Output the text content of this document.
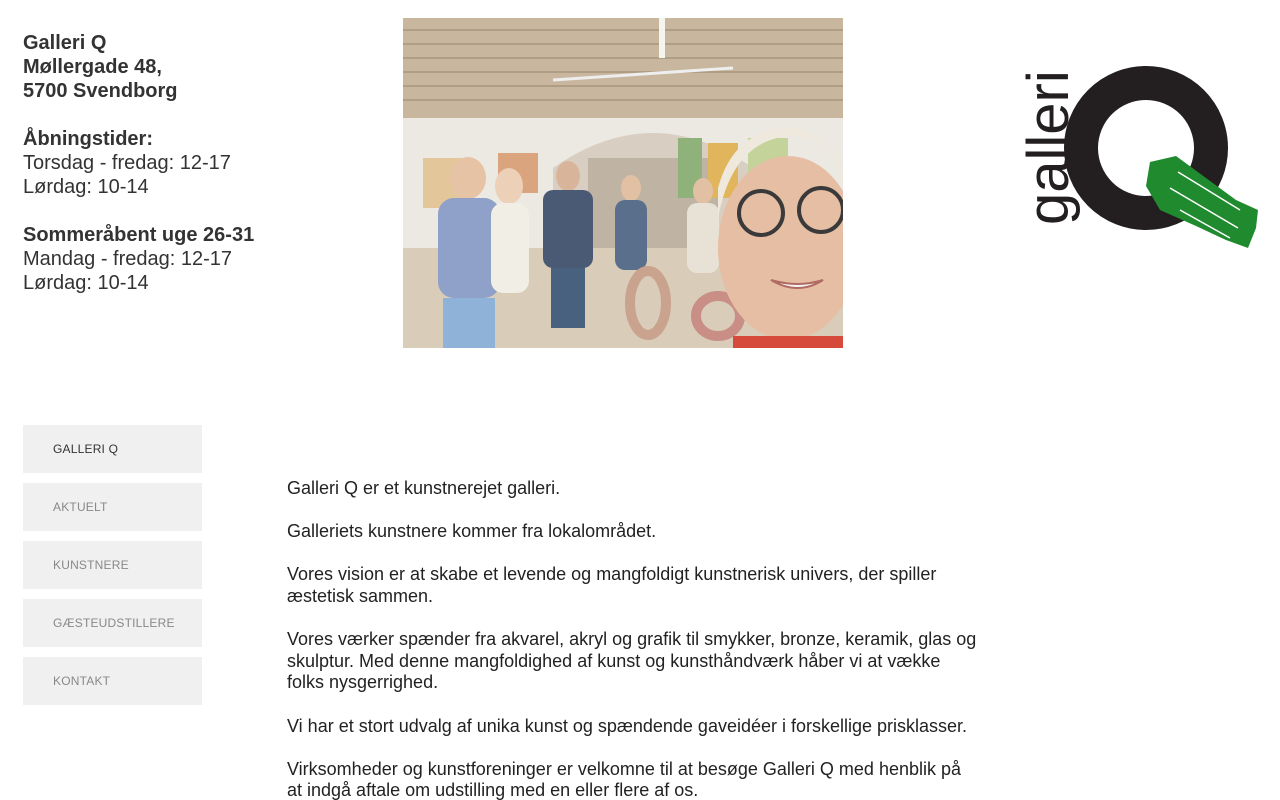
Galleri Q
Møllergade 48,
5700 Svendborg
Åbningstider:
Torsdag - fredag: 12-17
Lørdag: 10-14
Sommeråbent uge 26-31
Mandag - fredag: 12-17
Lørdag: 10-14
galleri
GALLERI Q
AKTUELT
KUNSTNERE
GÆSTEUDSTILLERE
KONTAKT

Galleri Q er et kunstnerejet galleri.

Galleriets kunstnere kommer fra lokalområdet.

Vores vision er at skabe et levende og mangfoldigt kunstnerisk univers, der spiller æstetisk sammen.

Vores værker spænder fra akvarel, akryl og grafik til smykker, bronze, keramik, glas og skulptur. Med denne mangfoldighed af kunst og kunsthåndværk håber vi at vække folks nysgerrighed.

Vi har et stort udvalg af unika kunst og spændende gaveidéer i forskellige prisklasser.

Virksomheder og kunstforeninger er velkomne til at besøge Galleri Q med henblik på at indgå aftale om udstilling med en eller flere af os.
